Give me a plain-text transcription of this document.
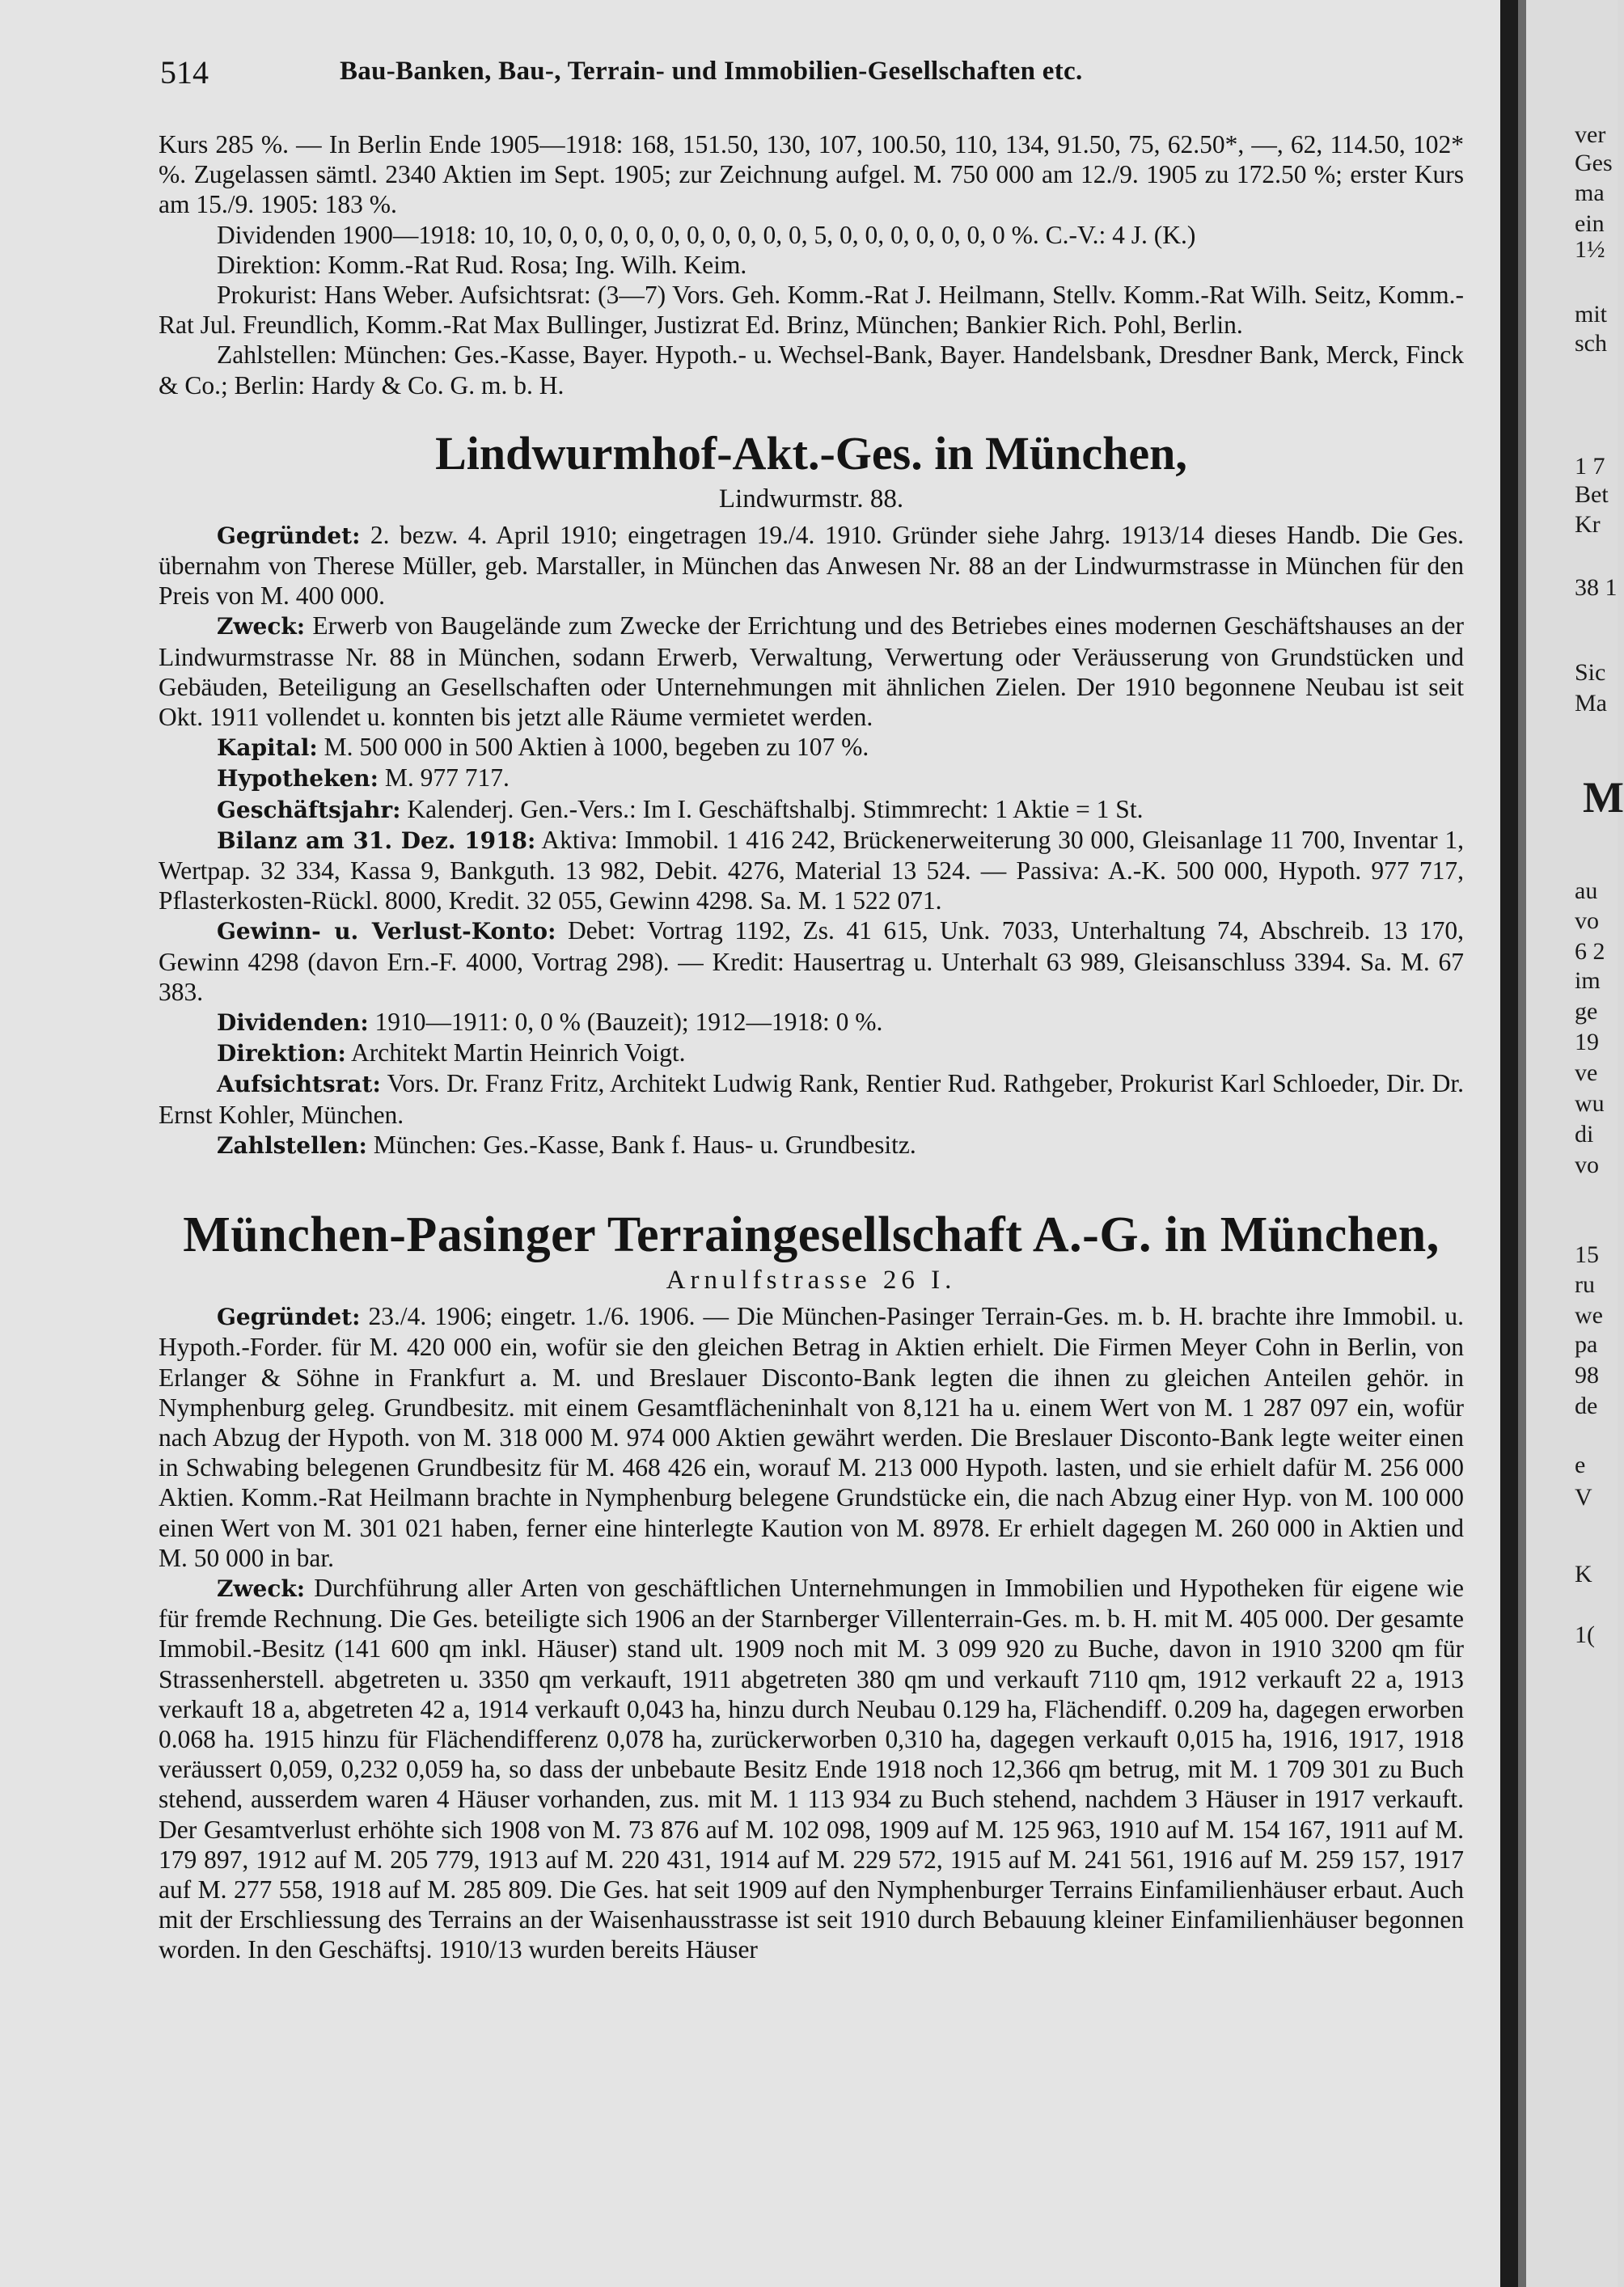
514	Bau-Banken, Bau-, Terrain- und Immobilien-Gesellschaften etc.

Kurs 285 %. — In Berlin Ende 1905—1918: 168, 151.50, 130, 107, 100.50, 110, 134, 91.50, 75, 62.50*, —, 62, 114.50, 102* %. Zugelassen sämtl. 2340 Aktien im Sept. 1905; zur Zeichnung aufgel. M. 750 000 am 12./9. 1905 zu 172.50 %; erster Kurs am 15./9. 1905: 183 %.

Dividenden 1900—1918: 10, 10, 0, 0, 0, 0, 0, 0, 0, 0, 0, 0, 5, 0, 0, 0, 0, 0, 0, 0 %. C.-V.: 4 J. (K.)

Direktion: Komm.-Rat Rud. Rosa; Ing. Wilh. Keim.

Prokurist: Hans Weber. Aufsichtsrat: (3—7) Vors. Geh. Komm.-Rat J. Heilmann, Stellv. Komm.-Rat Wilh. Seitz, Komm.-Rat Jul. Freundlich, Komm.-Rat Max Bullinger, Justizrat Ed. Brinz, München; Bankier Rich. Pohl, Berlin.

Zahlstellen: München: Ges.-Kasse, Bayer. Hypoth.- u. Wechsel-Bank, Bayer. Handelsbank, Dresdner Bank, Merck, Finck & Co.; Berlin: Hardy & Co. G. m. b. H.

Lindwurmhof-Akt.-Ges. in München,
Lindwurmstr. 88.

Gegründet: 2. bezw. 4. April 1910; eingetragen 19./4. 1910. Gründer siehe Jahrg. 1913/14 dieses Handb. Die Ges. übernahm von Therese Müller, geb. Marstaller, in München das Anwesen Nr. 88 an der Lindwurmstrasse in München für den Preis von M. 400 000.

Zweck: Erwerb von Baugelände zum Zwecke der Errichtung und des Betriebes eines modernen Geschäftshauses an der Lindwurmstrasse Nr. 88 in München, sodann Erwerb, Verwaltung, Verwertung oder Veräusserung von Grundstücken und Gebäuden, Beteiligung an Gesellschaften oder Unternehmungen mit ähnlichen Zielen. Der 1910 begonnene Neubau ist seit Okt. 1911 vollendet u. konnten bis jetzt alle Räume vermietet werden.

Kapital: M. 500 000 in 500 Aktien à 1000, begeben zu 107 %.

Hypotheken: M. 977 717.

Geschäftsjahr: Kalenderj. Gen.-Vers.: Im I. Geschäftshalbj. Stimmrecht: 1 Aktie = 1 St.

Bilanz am 31. Dez. 1918: Aktiva: Immobil. 1 416 242, Brückenerweiterung 30 000, Gleisanlage 11 700, Inventar 1, Wertpap. 32 334, Kassa 9, Bankguth. 13 982, Debit. 4276, Material 13 524. — Passiva: A.-K. 500 000, Hypoth. 977 717, Pflasterkosten-Rückl. 8000, Kredit. 32 055, Gewinn 4298. Sa. M. 1 522 071.

Gewinn- u. Verlust-Konto: Debet: Vortrag 1192, Zs. 41 615, Unk. 7033, Unterhaltung 74, Abschreib. 13 170, Gewinn 4298 (davon Ern.-F. 4000, Vortrag 298). — Kredit: Hausertrag u. Unterhalt 63 989, Gleisanschluss 3394. Sa. M. 67 383.

Dividenden: 1910—1911: 0, 0 % (Bauzeit); 1912—1918: 0 %.

Direktion: Architekt Martin Heinrich Voigt.

Aufsichtsrat: Vors. Dr. Franz Fritz, Architekt Ludwig Rank, Rentier Rud. Rathgeber, Prokurist Karl Schloeder, Dir. Dr. Ernst Kohler, München.

Zahlstellen: München: Ges.-Kasse, Bank f. Haus- u. Grundbesitz.

München-Pasinger Terraingesellschaft A.-G. in München,
Arnulfstrasse 26 I.

Gegründet: 23./4. 1906; eingetr. 1./6. 1906. — Die München-Pasinger Terrain-Ges. m. b. H. brachte ihre Immobil. u. Hypoth.-Forder. für M. 420 000 ein, wofür sie den gleichen Betrag in Aktien erhielt. Die Firmen Meyer Cohn in Berlin, von Erlanger & Söhne in Frankfurt a. M. und Breslauer Disconto-Bank legten die ihnen zu gleichen Anteilen gehör. in Nymphenburg geleg. Grundbesitz. mit einem Gesamtflächeninhalt von 8,121 ha u. einem Wert von M. 1 287 097 ein, wofür nach Abzug der Hypoth. von M. 318 000 M. 974 000 Aktien gewährt werden. Die Breslauer Disconto-Bank legte weiter einen in Schwabing belegenen Grundbesitz für M. 468 426 ein, worauf M. 213 000 Hypoth. lasten, und sie erhielt dafür M. 256 000 Aktien. Komm.-Rat Heilmann brachte in Nymphenburg belegene Grundstücke ein, die nach Abzug einer Hyp. von M. 100 000 einen Wert von M. 301 021 haben, ferner eine hinterlegte Kaution von M. 8978. Er erhielt dagegen M. 260 000 in Aktien und M. 50 000 in bar.

Zweck: Durchführung aller Arten von geschäftlichen Unternehmungen in Immobilien und Hypotheken für eigene wie für fremde Rechnung. Die Ges. beteiligte sich 1906 an der Starnberger Villenterrain-Ges. m. b. H. mit M. 405 000. Der gesamte Immobil.-Besitz (141 600 qm inkl. Häuser) stand ult. 1909 noch mit M. 3 099 920 zu Buche, davon in 1910 3200 qm für Strassenherstell. abgetreten u. 3350 qm verkauft, 1911 abgetreten 380 qm und verkauft 7110 qm, 1912 verkauft 22 a, 1913 verkauft 18 a, abgetreten 42 a, 1914 verkauft 0,043 ha, hinzu durch Neubau 0.129 ha, Flächendiff. 0.209 ha, dagegen erworben 0.068 ha. 1915 hinzu für Flächendifferenz 0,078 ha, zurückerworben 0,310 ha, dagegen verkauft 0,015 ha, 1916, 1917, 1918 veräussert 0,059, 0,232 0,059 ha, so dass der unbebaute Besitz Ende 1918 noch 12,366 qm betrug, mit M. 1 709 301 zu Buch stehend, ausserdem waren 4 Häuser vorhanden, zus. mit M. 1 113 934 zu Buch stehend, nachdem 3 Häuser in 1917 verkauft. Der Gesamtverlust erhöhte sich 1908 von M. 73 876 auf M. 102 098, 1909 auf M. 125 963, 1910 auf M. 154 167, 1911 auf M. 179 897, 1912 auf M. 205 779, 1913 auf M. 220 431, 1914 auf M. 229 572, 1915 auf M. 241 561, 1916 auf M. 259 157, 1917 auf M. 277 558, 1918 auf M. 285 809. Die Ges. hat seit 1909 auf den Nymphenburger Terrains Einfamilienhäuser erbaut. Auch mit der Erschliessung des Terrains an der Waisenhausstrasse ist seit 1910 durch Bebauung kleiner Einfamilienhäuser begonnen worden. In den Geschäftsj. 1910/13 wurden bereits Häuser

ver
Ges
ma
ein
1½
mit
sch
1 7
Bet
Kr
38 1
Sic
Ma
M
au
vo
6 2
im
ge
19
ve
wu
di
vo
15
ru
we
pa
98
de
e
V
K
1(
